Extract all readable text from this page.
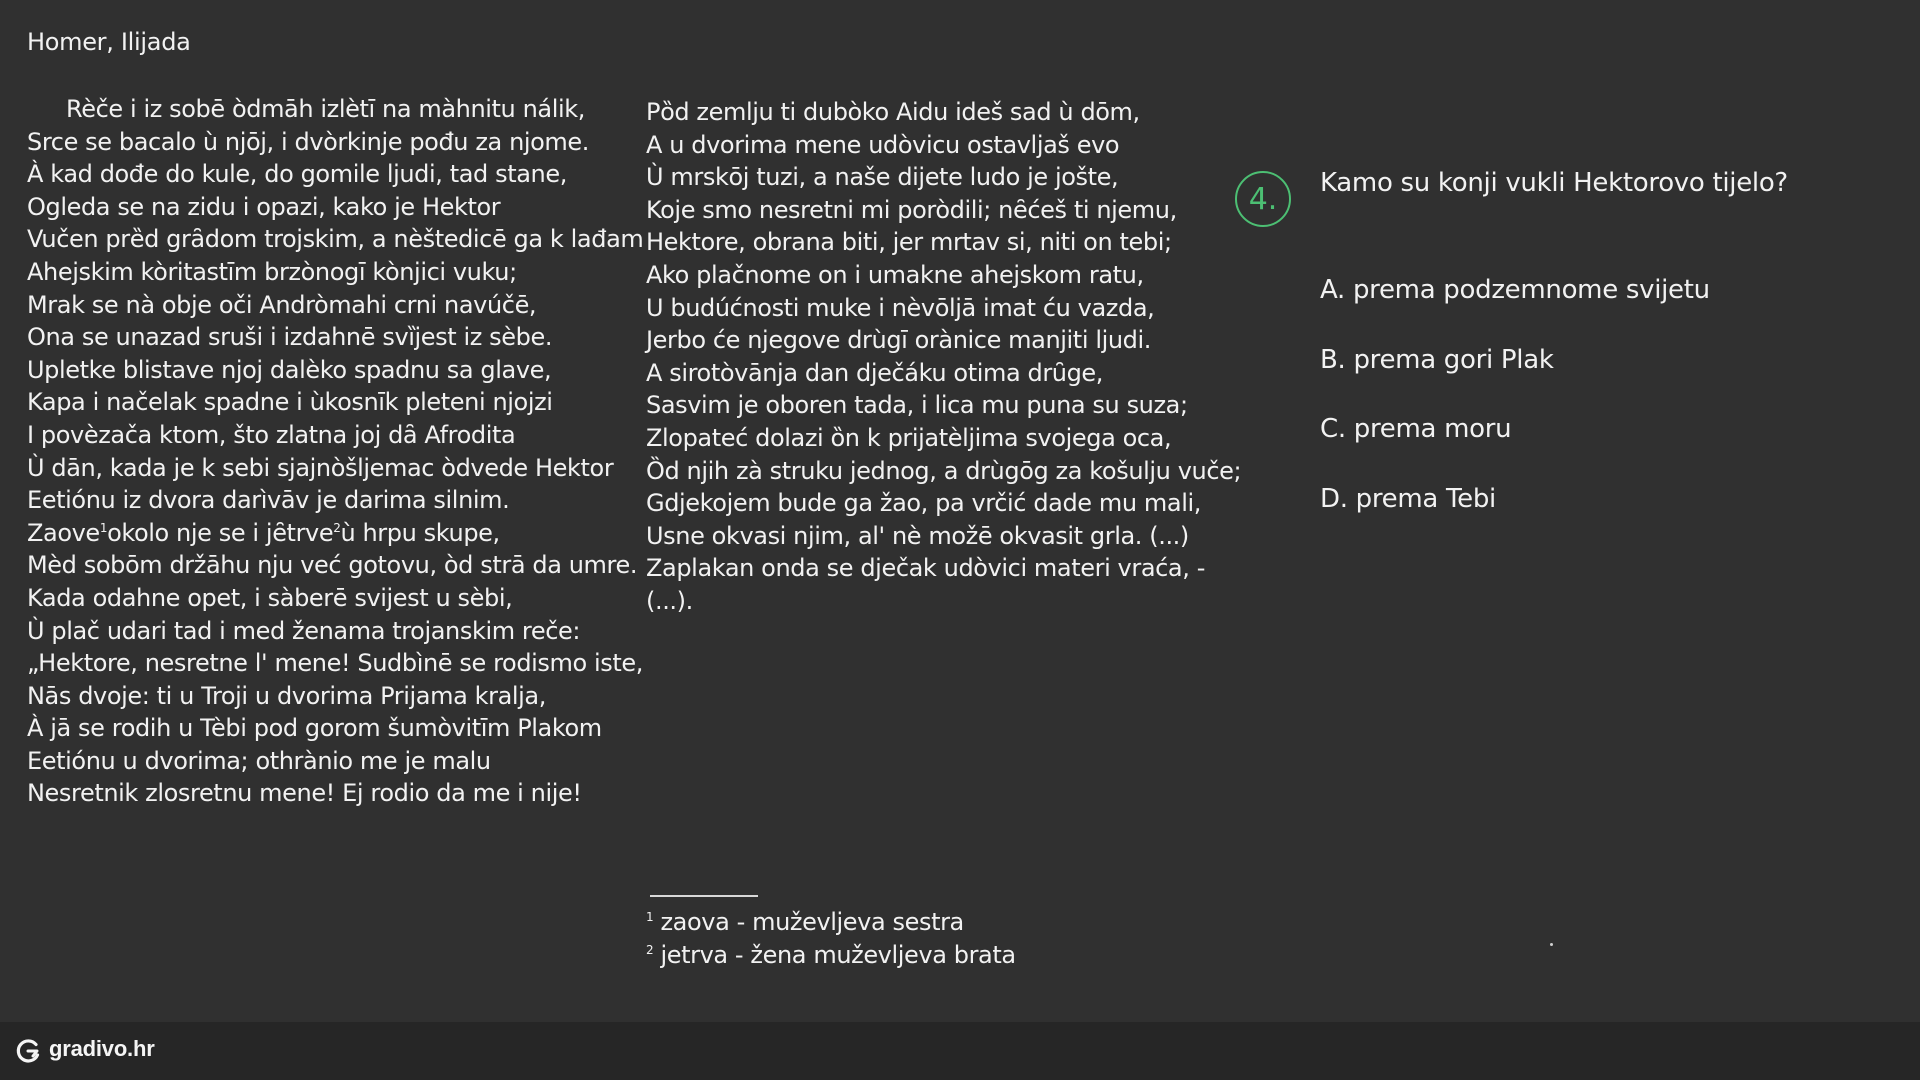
Homer, Ilijada
Rèče i iz sobē òdmāh izlètī na màhnitu nálik,
Srce se bacalo ù njōj, i dvòrkinje pođu za njome.
À kad dođe do kule, do gomile ljudi, tad stane,
Ogleda se na zidu i opazi, kako je Hektor
Vučen prȅd grȃdom trojskim, a nèštedicē ga k lađam
Ahejskim kòritastīm brzònogī kònjici vuku;
Mrak se nà obje oči Andròmahi crni navúčē,
Ona se unazad sruši i izdahnē svȉjest iz sèbe.
Upletke blistave njoj dalèko spadnu sa glave,
Kapa i načelak spadne i ùkosnīk pleteni njojzi
I povèzača ktom, što zlatna joj dȃ Afrodita
Ù dān, kada je k sebi sjajnòšljemac òdvede Hektor
Eetiónu iz dvora darìvāv je darima silnim.
Zaove$^1$okolo nje se i jȇtrve$^2$ù hrpu skupe,
Mèd sobōm držāhu nju već gotovu, òd strā da umre.
Kada odahne opet, i sàberē svijest u sèbi,
Ù plač udari tad i med ženama trojanskim reče:
„Hektore, nesretne l' mene! Sudbìnē se rodismo iste,
Nās dvoje: ti u Troji u dvorima Prijama kralja,
À jā se rodih u Tèbi pod gorom šumòvitīm Plakom
Eetiónu u dvorima; othrànio me je malu
Nesretnik zlosretnu mene! Ej rodio da me i nije!
Pȍd zemlju ti dubòko Aidu ideš sad ù dōm,
A u dvorima mene udòvicu ostavljaš evo
Ù mrskōj tuzi, a naše dijete ludo je jošte,
Koje smo nesretni mi poròdili; nȇćeš ti njemu,
Hektore, obrana biti, jer mrtav si, niti on tebi;
Ako plačnome on i umakne ahejskom ratu,
U budúćnosti muke i nèvōljā imat ću vazda,
Jerbo će njegove drùgī orànice manjiti ljudi.
A sirotòvānja dan dječáku otima drȗge,
Sasvim je oboren tada, i lica mu puna su suza;
Zlopateć dolazi ȍn k prijatèljima svojega oca,
Ȍd njih zà struku jednog, a drùgōg za košulju vuče;
Gdjekojem bude ga žao, pa vrčić dade mu mali,
Usne okvasi njim, al' nè možē okvasit grla. (...)
Zaplakan onda se dječak udòvici materi vraća, -
(...).
$^1$ zaova - muževljeva sestra
$^2$ jetrva - žena muževljeva brata
4. Kamo su konji vukli Hektorovo tijelo?
A. prema podzemnome svijetu
B. prema gori Plak
C. prema moru
D. prema Tebi
gradivo.hr
